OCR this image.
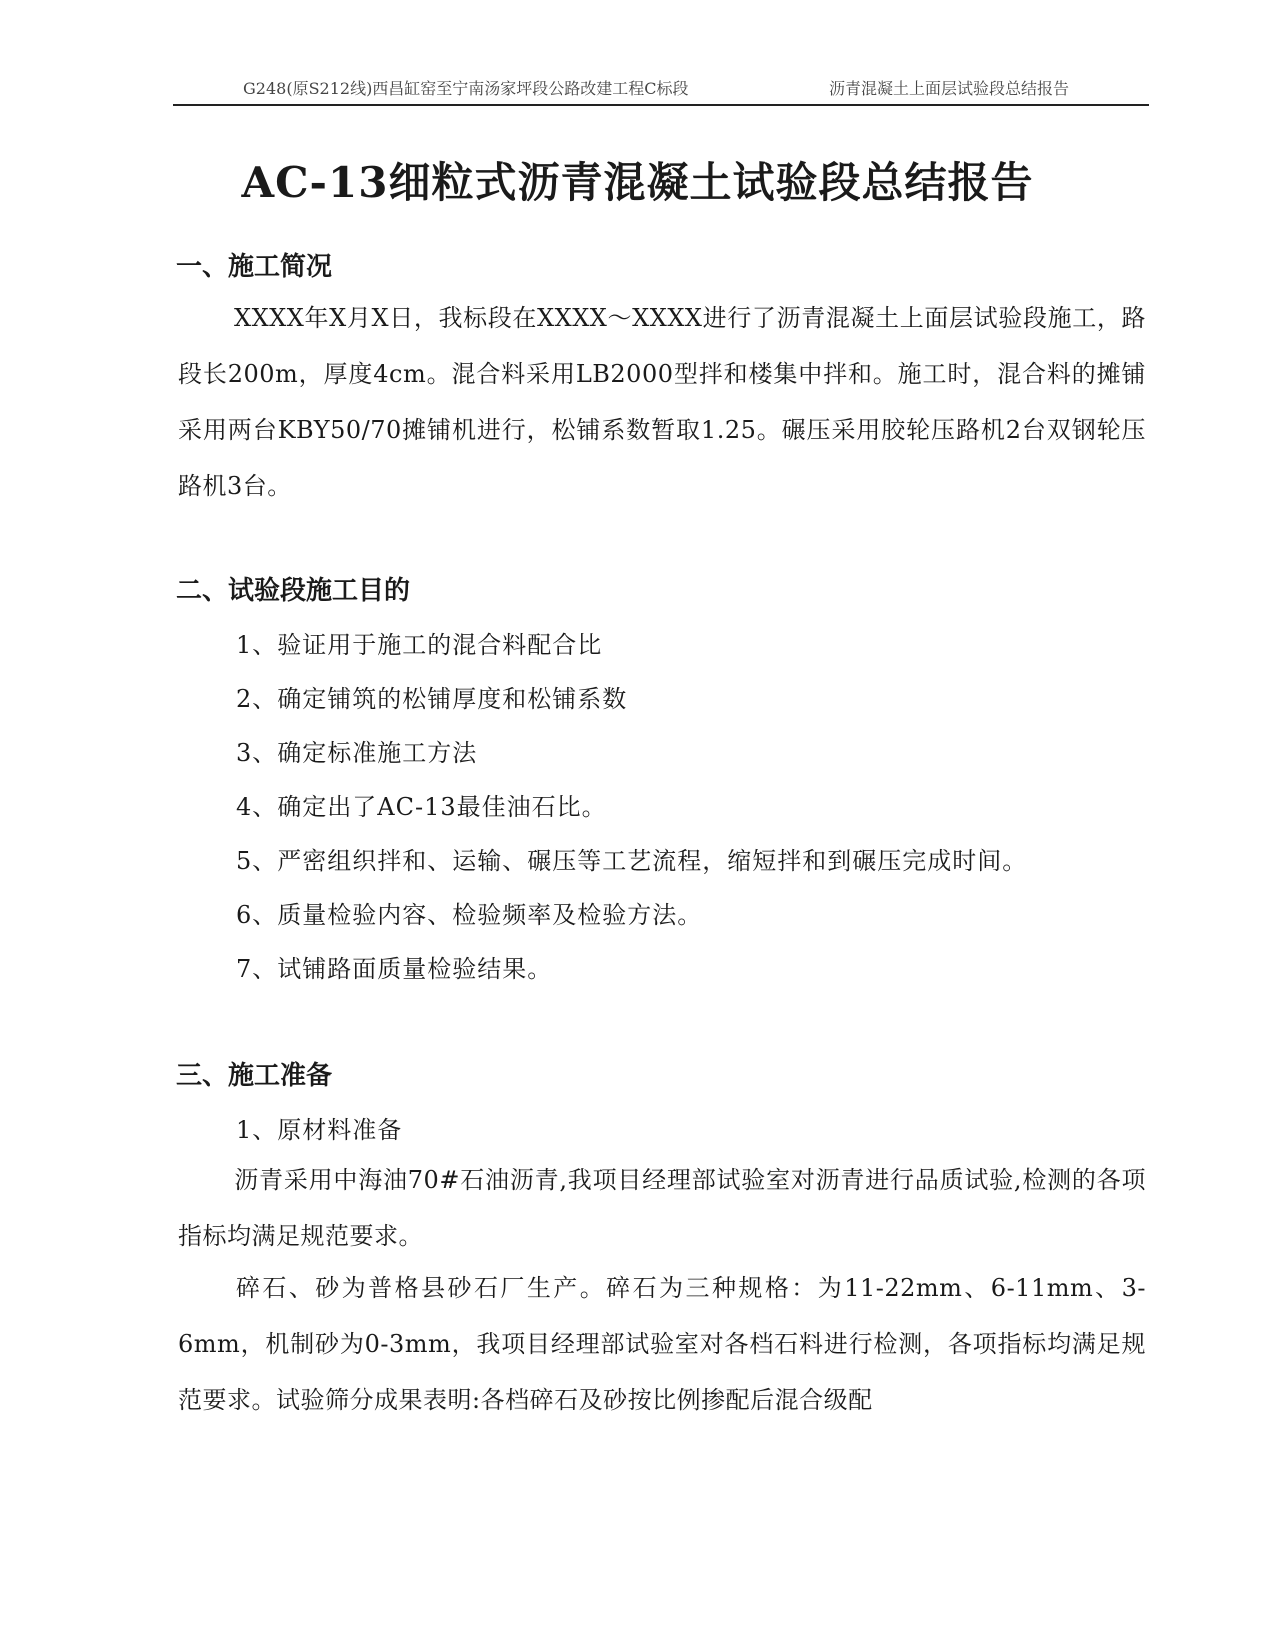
G248(原S212线)西昌缸窑至宁南汤家坪段公路改建工程C标段	沥青混凝土上面层试验段总结报告
AC-13细粒式沥青混凝土试验段总结报告
一、施工简况
XXXX年X月X日，我标段在XXXX～XXXX进行了沥青混凝土上面层试验段施工，路段长200m，厚度4cm。混合料采用LB2000型拌和楼集中拌和。施工时，混合料的摊铺采用两台KBY50/70摊铺机进行，松铺系数暂取1.25。碾压采用胶轮压路机2台双钢轮压路机3台。
二、试验段施工目的
1、验证用于施工的混合料配合比
2、确定铺筑的松铺厚度和松铺系数
3、确定标准施工方法
4、确定出了AC-13最佳油石比。
5、严密组织拌和、运输、碾压等工艺流程，缩短拌和到碾压完成时间。
6、质量检验内容、检验频率及检验方法。
7、试铺路面质量检验结果。
三、施工准备
1、原材料准备
沥青采用中海油70#石油沥青,我项目经理部试验室对沥青进行品质试验,检测的各项指标均满足规范要求。
碎石、砂为普格县砂石厂生产。碎石为三种规格：为11-22mm、6-11mm、3-6mm，机制砂为0-3mm，我项目经理部试验室对各档石料进行检测，各项指标均满足规范要求。试验筛分成果表明:各档碎石及砂按比例掺配后混合级配
